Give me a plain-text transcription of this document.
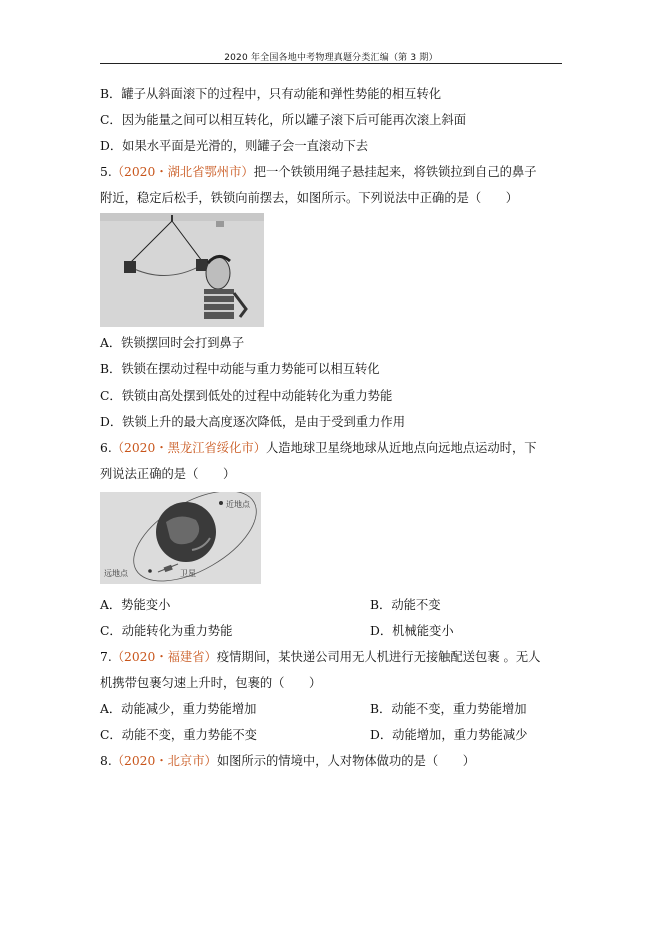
2020 年全国各地中考物理真题分类汇编（第 3 期）
B．罐子从斜面滚下的过程中，只有动能和弹性势能的相互转化
C．因为能量之间可以相互转化，所以罐子滚下后可能再次滚上斜面
D．如果水平面是光滑的，则罐子会一直滚动下去
5.（2020・湖北省鄂州市）把一个铁锁用绳子悬挂起来，将铁锁拉到自己的鼻子
附近，稳定后松手，铁锁向前摆去，如图所示。下列说法中正确的是（　　）
A．铁锁摆回时会打到鼻子
B．铁锁在摆动过程中动能与重力势能可以相互转化
C．铁锁由高处摆到低处的过程中动能转化为重力势能
D．铁锁上升的最大高度逐次降低，是由于受到重力作用
6.（2020・黑龙江省绥化市）人造地球卫星绕地球从近地点向远地点运动时，下
列说法正确的是（　　）
近地点
远地点	卫星
A．势能变小	B．动能不变
C．动能转化为重力势能	D．机械能变小
7.（2020・福建省）疫情期间，某快递公司用无人机进行无接触配送包裹 。无人
机携带包裹匀速上升时，包裹的（　　）
A．动能减少，重力势能增加	B．动能不变，重力势能增加
C．动能不变，重力势能不变	D．动能增加，重力势能减少
8.（2020・北京市）如图所示的情境中，人对物体做功的是（　　）
